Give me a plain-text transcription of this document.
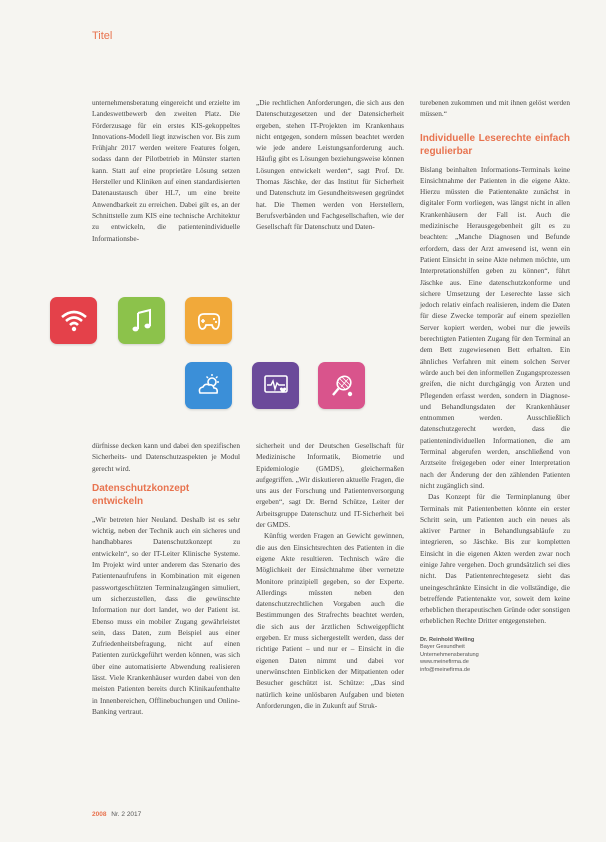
Titel

unternehmensberatung eingereicht und erzielte im Landeswettbewerb den zweiten Platz. Die Förderzusage für ein erstes KIS-gekoppeltes Innovations-Modell liegt inzwischen vor. Bis zum Frühjahr 2017 werden weitere Features folgen, sodass dann der Pilotbetrieb in Münster starten kann. Statt auf eine proprietäre Lösung setzen Hersteller und Kliniken auf einen standardisierten Datenaustausch über HL7, um eine breite Anwendbarkeit zu erreichen. Dabei gilt es, an der Schnittstelle zum KIS eine technische Architektur zu entwickeln, die patientenindividuelle Informationsbe-

„Die rechtlichen Anforderungen, die sich aus den Datenschutzgesetzen und der Datensicherheit ergeben, stehen IT-Projekten im Krankenhaus nicht entgegen, sondern müssen beachtet werden wie jede andere Leistungsanforderung auch. Häufig gibt es Lösungen beziehungsweise können Lösungen entwickelt werden“, sagt Prof. Dr. Thomas Jäschke, der das Institut für Sicherheit und Datenschutz im Gesundheitswesen gegründet hat. Die Themen werden von Herstellern, Berufsverbänden und Fachgesellschaften, wie der Gesellschaft für Datenschutz und Daten-

dürfnisse decken kann und dabei den spezifischen Sicherheits- und Datenschutzaspekten je Modul gerecht wird.

Datenschutzkonzept entwickeln

„Wir betreten hier Neuland. Deshalb ist es sehr wichtig, neben der Technik auch ein sicheres und handhabbares Datenschutzkonzept zu entwickeln“, so der IT-Leiter Klinische Systeme. Im Projekt wird unter anderem das Szenario des Patientenaufrufens in Kombination mit eigenen passwortgeschützten Terminalzugängen simuliert, um sicherzustellen, dass die gewünschte Information nur dort landet, wo der Patient ist. Ebenso muss ein mobiler Zugang gewährleistet sein, dass Daten, zum Beispiel aus einer Zufriedenheitsbefragung, nicht auf einen Patienten zurückgeführt werden können, was sich über eine automatisierte Abwendung realisieren lässt. Viele Krankenhäuser wurden dabei von den meisten Patienten bereits durch Klinikaufenthalte in Innenbereichen, Offlinebuchungen und Online-Banking vertraut.

sicherheit und der Deutschen Gesellschaft für Medizinische Informatik, Biometrie und Epidemiologie (GMDS), gleichermaßen aufgegriffen. „Wir diskutieren aktuelle Fragen, die uns aus der Forschung und Patientenversorgung ergeben“, sagt Dr. Bernd Schütze, Leiter der Arbeitsgruppe Datenschutz und IT-Sicherheit bei der GMDS.

Künftig werden Fragen an Gewicht gewinnen, die aus den Einsichtsrechten des Patienten in die eigene Akte resultieren. Technisch wäre die Möglichkeit der Einsichtnahme über vernetzte Monitore prinzipiell gegeben, so der Experte. Allerdings müssten neben den datenschutzrechtlichen Vorgaben auch die Bestimmungen des Strafrechts beachtet werden, die sich aus der ärztlichen Schweigepflicht ergeben. Er muss sichergestellt werden, dass der richtige Patient – und nur er – Einsicht in die eigenen Daten nimmt und dabei vor unerwünschten Einblicken der Mitpatienten oder Besucher geschützt ist. Schütze: „Das sind natürlich keine unlösbaren Aufgaben und bieten Anforderungen, die in Zukunft auf Struk-

turebenen zukommen und mit ihnen gelöst werden müssen.“

Individuelle Leserechte einfach regulierbar

Bislang beinhalten Informations-Terminals keine Einsichtnahme der Patienten in die eigene Akte. Hierzu müssten die Patientenakte zunächst in digitaler Form vorliegen, was längst nicht in allen Krankenhäusern der Fall ist. Auch die medizinische Herausgegebenheit gilt es zu beachten: „Manche Diagnosen und Befunde erfordern, dass der Arzt anwesend ist, wenn ein Patient Einsicht in seine Akte nehmen möchte, um Interpretationshilfen geben zu können“, führt Jäschke aus. Eine datenschutzkonforme und sichere Umsetzung der Leserechte lasse sich jedoch relativ einfach realisieren, indem die Daten für diese Zwecke temporär auf einem speziellen Server kopiert werden, wobei nur die jeweils berechtigten Patienten Zugang für den Terminal an dem Bett zugewiesenen Bett erhalten. Ein ähnliches Verfahren mit einem solchen Server würde auch bei den informellen Zugangsprozessen greifen, die nicht durchgängig von Ärzten und Pflegenden erfasst werden, sondern in Diagnose- und Behandlungsdaten der Krankenhäuser entnommen werden. Ausschließlich datenschutzgerecht werden, dass die patientenindividuellen Informationen, die am Terminal abgerufen werden, anschließend von Arztseite freigegeben oder einer Interpretation nach der Änderung der den zählenden Patienten nicht zugänglich sind.

Das Konzept für die Terminplanung über Terminals mit Patientenbetten könnte ein erster Schritt sein, um Patienten auch ein neues als aktiver Partner in Behandlungsabläufe zu integrieren, so Jäschke. Bis zur kompletten Einsicht in die eigenen Akten werden zwar noch einige Jahre vergehen. Doch grundsätzlich sei dies nicht. Das Patientenrechtegesetz sieht das uneingeschränkte Einsicht in die vollständige, die betreffende Patientenakte vor, soweit dem keine erheblichen therapeutischen Gründe oder sonstigen erheblichen Rechte Dritter entgegenstehen.

Dr. Reinhold Weiling
Bayer Gesundheit
Unternehmensberatung
www.meinefirma.de
info@meinefirma.de
2008 Nr. 2 2017
